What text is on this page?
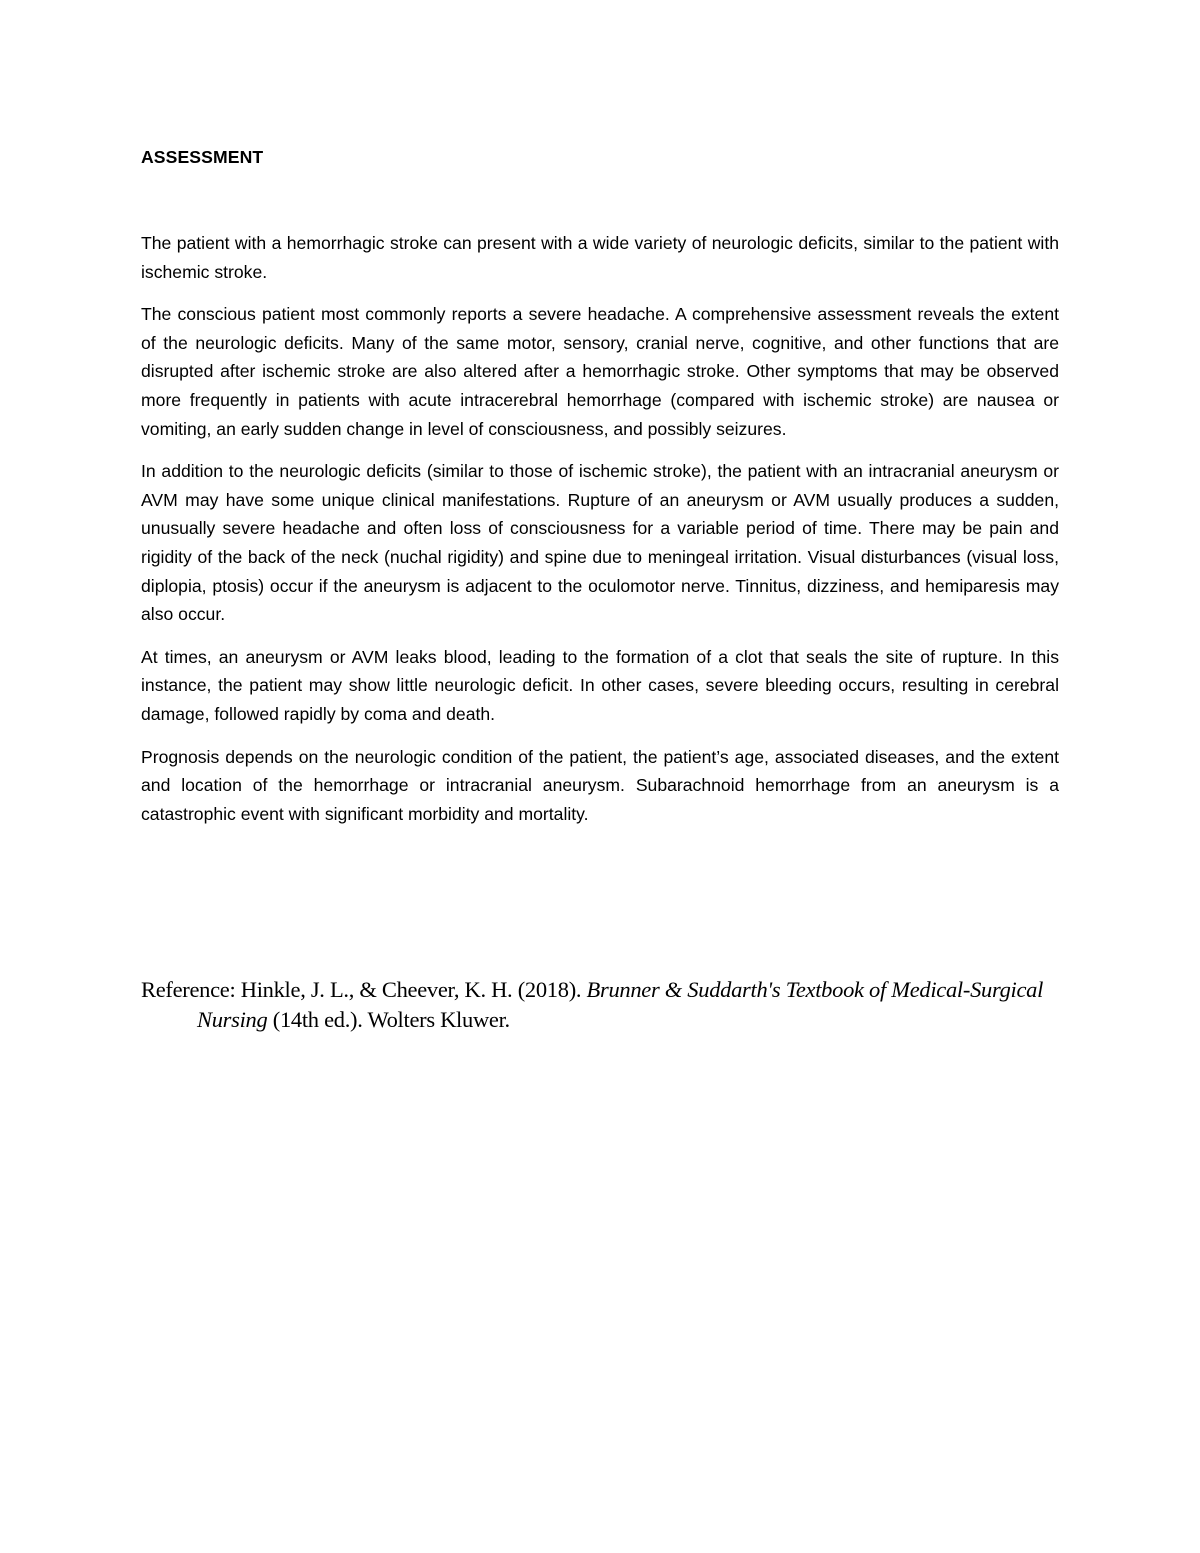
ASSESSMENT

The patient with a hemorrhagic stroke can present with a wide variety of neurologic deficits, similar to the patient with ischemic stroke.

The conscious patient most commonly reports a severe headache. A comprehensive assessment reveals the extent of the neurologic deficits. Many of the same motor, sensory, cranial nerve, cognitive, and other functions that are disrupted after ischemic stroke are also altered after a hemorrhagic stroke. Other symptoms that may be observed more frequently in patients with acute intracerebral hemorrhage (compared with ischemic stroke) are nausea or vomiting, an early sudden change in level of consciousness, and possibly seizures.

In addition to the neurologic deficits (similar to those of ischemic stroke), the patient with an intracranial aneurysm or AVM may have some unique clinical manifestations. Rupture of an aneurysm or AVM usually produces a sudden, unusually severe headache and often loss of consciousness for a variable period of time. There may be pain and rigidity of the back of the neck (nuchal rigidity) and spine due to meningeal irritation. Visual disturbances (visual loss, diplopia, ptosis) occur if the aneurysm is adjacent to the oculomotor nerve. Tinnitus, dizziness, and hemiparesis may also occur.

At times, an aneurysm or AVM leaks blood, leading to the formation of a clot that seals the site of rupture. In this instance, the patient may show little neurologic deficit. In other cases, severe bleeding occurs, resulting in cerebral damage, followed rapidly by coma and death.

Prognosis depends on the neurologic condition of the patient, the patient’s age, associated diseases, and the extent and location of the hemorrhage or intracranial aneurysm. Subarachnoid hemorrhage from an aneurysm is a catastrophic event with significant morbidity and mortality.

Reference: Hinkle, J. L., & Cheever, K. H. (2018). Brunner & Suddarth's Textbook of Medical-Surgical Nursing (14th ed.). Wolters Kluwer.
